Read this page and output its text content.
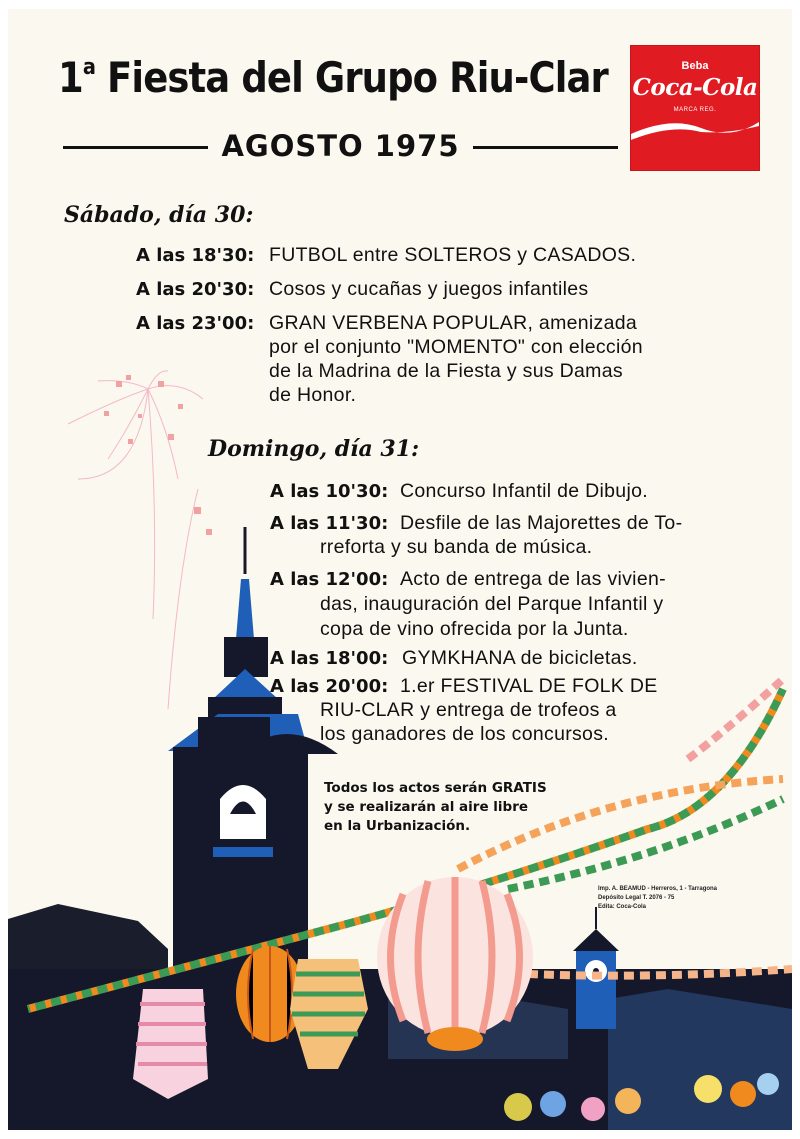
1$^a$ Fiesta del Grupo Riu-Clar
AGOSTO 1975
Beba
Coca-Cola
MARCA REG.
Sábado, día 30:
A las 18'30: FUTBOL entre SOLTEROS y CASADOS.
A las 20'30: Cosos y cucañas y juegos infantiles
A las 23'00: GRAN VERBENA POPULAR, amenizada
por el conjunto "MOMENTO" con elección
de la Madrina de la Fiesta y sus Damas
de Honor.
Domingo, día 31:
A las 10'30: Concurso Infantil de Dibujo.
A las 11'30: Desfile de las Majorettes de To-
rreforta y su banda de música.
A las 12'00: Acto de entrega de las vivien-
das, inauguración del Parque Infantil y
copa de vino ofrecida por la Junta.
A las 18'00: GYMKHANA de bicicletas.
A las 20'00: 1.er FESTIVAL DE FOLK DE
RIU-CLAR y entrega de trofeos a
los ganadores de los concursos.
Todos los actos serán GRATIS
y se realizarán al aire libre
en la Urbanización.
Imp. A. BEAMUD - Herreros, 1 - Tarragona
Depósito Legal T. 2076 - 75
Edita: Coca-Cola
